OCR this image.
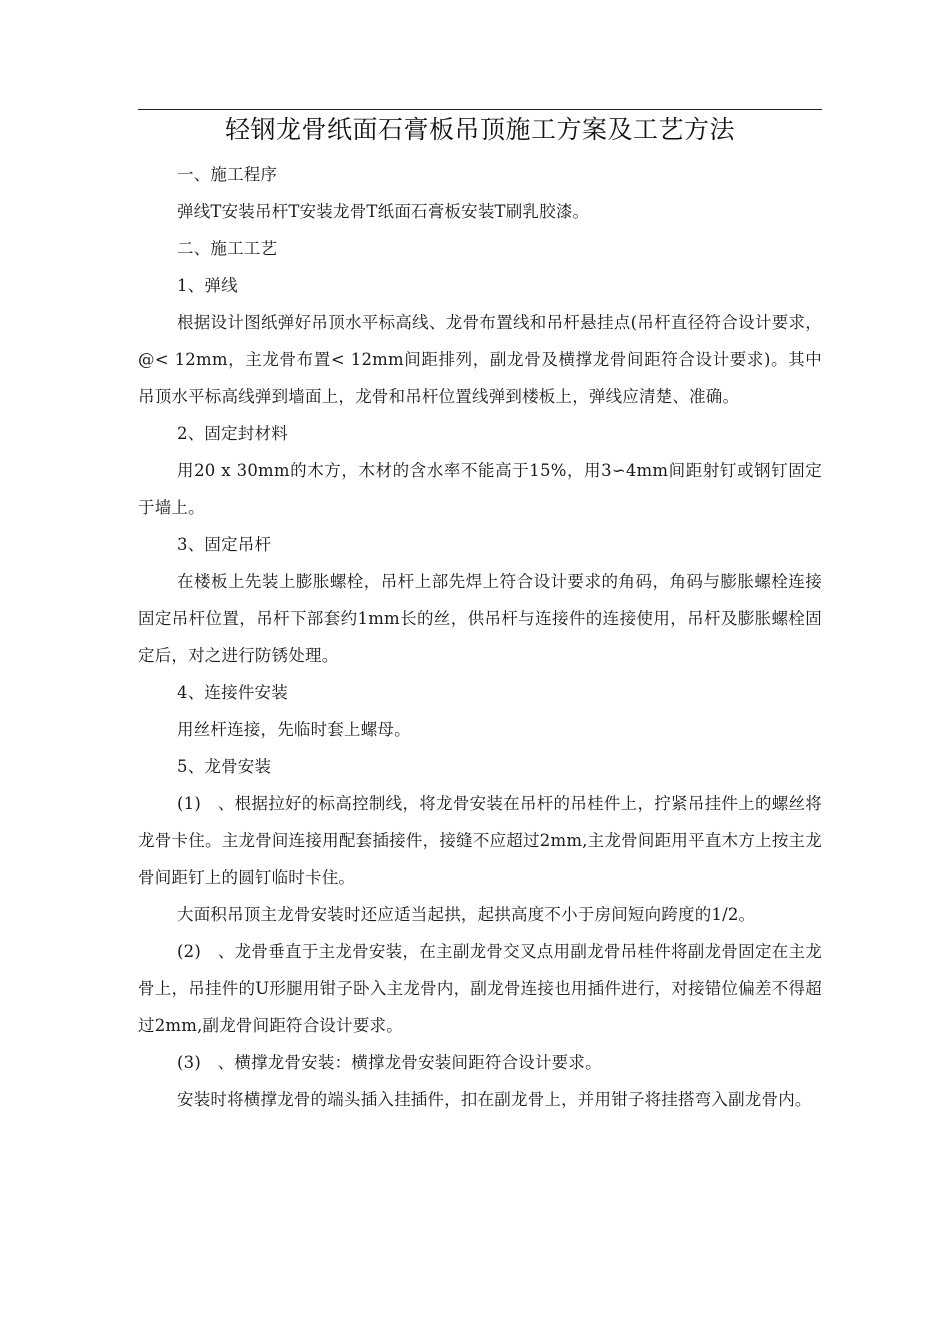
轻钢龙骨纸面石膏板吊顶施工方案及工艺方法

一、施工程序

弹线T安装吊杆T安装龙骨T纸面石膏板安装T刷乳胶漆。

二、施工工艺

1、弹线

根据设计图纸弹好吊顶水平标高线、龙骨布置线和吊杆悬挂点(吊杆直径符合设计要求，@< 12mm，主龙骨布置< 12mm间距排列，副龙骨及横撑龙骨间距符合设计要求)。其中吊顶水平标高线弹到墙面上，龙骨和吊杆位置线弹到楼板上，弹线应清楚、准确。

2、固定封材料

用20 x 30mm的木方，木材的含水率不能高于15%，用3∽4mm间距射钉或钢钉固定于墙上。

3、固定吊杆

在楼板上先装上膨胀螺栓，吊杆上部先焊上符合设计要求的角码，角码与膨胀螺栓连接固定吊杆位置，吊杆下部套约1mm长的丝，供吊杆与连接件的连接使用，吊杆及膨胀螺栓固定后，对之进行防锈处理。

4、连接件安装

用丝杆连接，先临时套上螺母。

5、龙骨安装

(1)　、根据拉好的标高控制线，将龙骨安装在吊杆的吊桂件上，拧紧吊挂件上的螺丝将龙骨卡住。主龙骨间连接用配套插接件，接缝不应超过2mm,主龙骨间距用平直木方上按主龙骨间距钉上的圆钉临时卡住。

大面积吊顶主龙骨安装时还应适当起拱，起拱高度不小于房间短向跨度的1/2。

(2)　、龙骨垂直于主龙骨安装，在主副龙骨交叉点用副龙骨吊桂件将副龙骨固定在主龙骨上，吊挂件的U形腿用钳子卧入主龙骨内，副龙骨连接也用插件进行，对接错位偏差不得超过2mm,副龙骨间距符合设计要求。

(3)　、横撑龙骨安装：横撑龙骨安装间距符合设计要求。

安装时将横撑龙骨的端头插入挂插件，扣在副龙骨上，并用钳子将挂搭弯入副龙骨内。
